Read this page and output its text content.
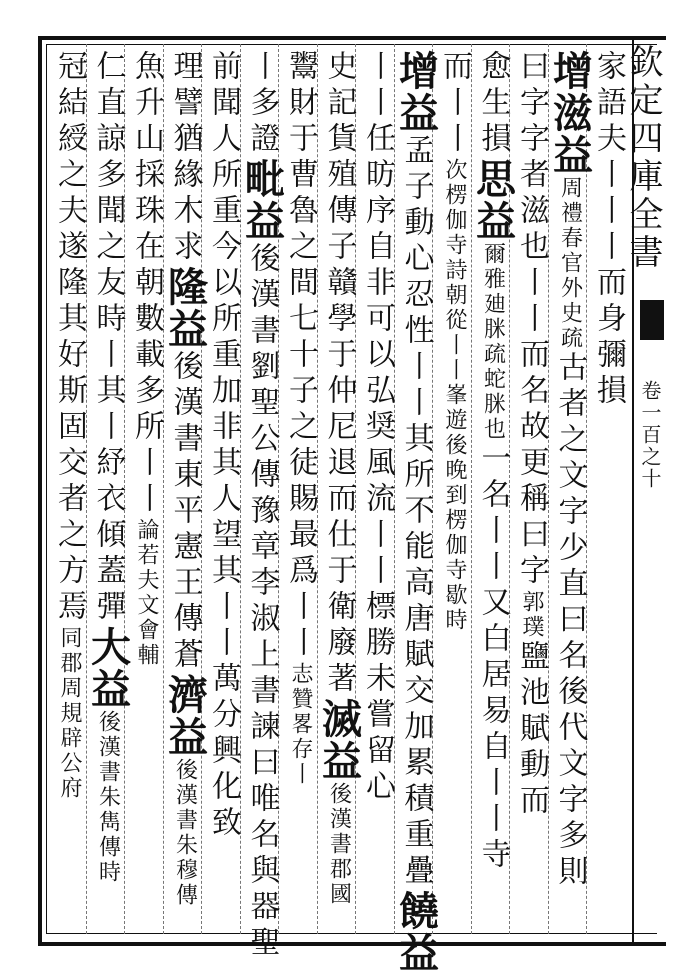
欽定四庫全書
卷一百之十
家語夫丨丨丨而身彌損
增滋益周禮春官外史疏古者之文字少直曰名後代文字多則
曰字字者滋也丨丨而名故更稱曰字郭璞鹽池賦動而
愈生損思益爾雅廸脒疏蛇脒也一名丨丨又白居易自丨丨寺
而丨丨次楞伽寺詩朝從丨丨峯遊後晚到楞伽寺歇時
增益孟子動心忍性丨丨其所不能高唐賦交加累積重疊饒益
丨丨任昉序自非可以弘奨風流丨丨標勝未嘗留心
史記貨殖傳子贛學于仲尼退而仕于衛廢著滅益後漢書郡國
鬻財于曹魯之間七十子之徒賜最爲丨丨志贊畧存丨
丨多證毗益後漢書劉聖公傳豫章李淑上書諫曰唯名與器聖
前聞人所重今以所重加非其人望其丨丨萬分興化致
理譬猶緣木求隆益後漢書東平憲王傳蒼濟益後漢書朱穆傳
魚升山採珠在朝數載多所丨丨論若夫文會輔
仁直諒多聞之友時丨其丨紓衣傾蓋彈大益後漢書朱雋傳時
冠結綬之夫遂隆其好斯固交者之方焉同郡周規辟公府
